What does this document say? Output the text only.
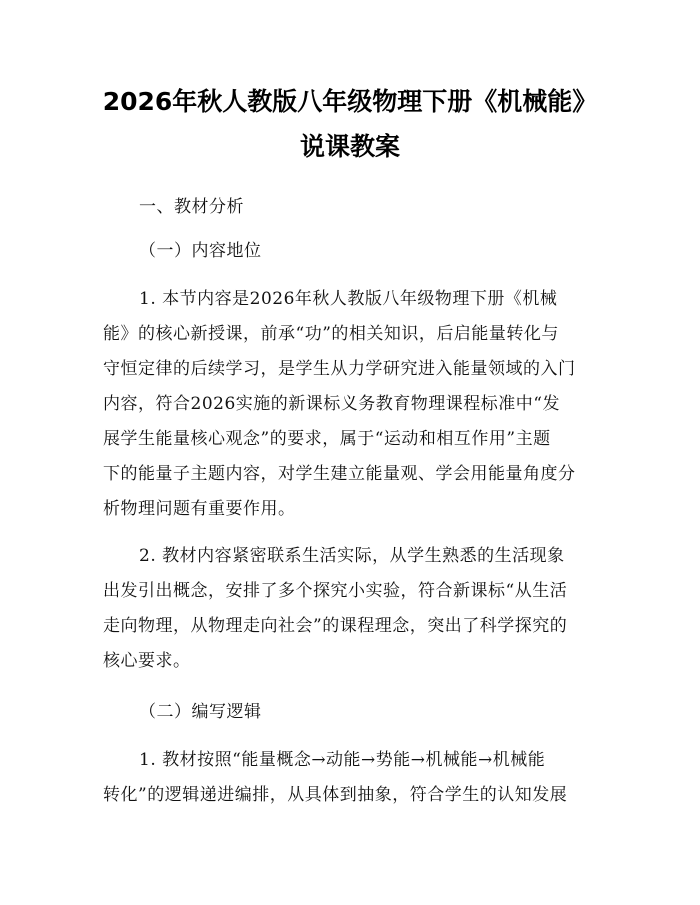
2026年秋人教版八年级物理下册《机械能》
说课教案
一、教材分析
（一）内容地位
1. 本节内容是2026年秋人教版八年级物理下册《机械
能》的核心新授课，前承“功”的相关知识，后启能量转化与
守恒定律的后续学习，是学生从力学研究进入能量领域的入门
内容，符合2026实施的新课标义务教育物理课程标准中“发
展学生能量核心观念”的要求，属于“运动和相互作用”主题
下的能量子主题内容，对学生建立能量观、学会用能量角度分
析物理问题有重要作用。
2. 教材内容紧密联系生活实际，从学生熟悉的生活现象
出发引出概念，安排了多个探究小实验，符合新课标“从生活
走向物理，从物理走向社会”的课程理念，突出了科学探究的
核心要求。
（二）编写逻辑
1. 教材按照“能量概念→动能→势能→机械能→机械能
转化”的逻辑递进编排，从具体到抽象，符合学生的认知发展
